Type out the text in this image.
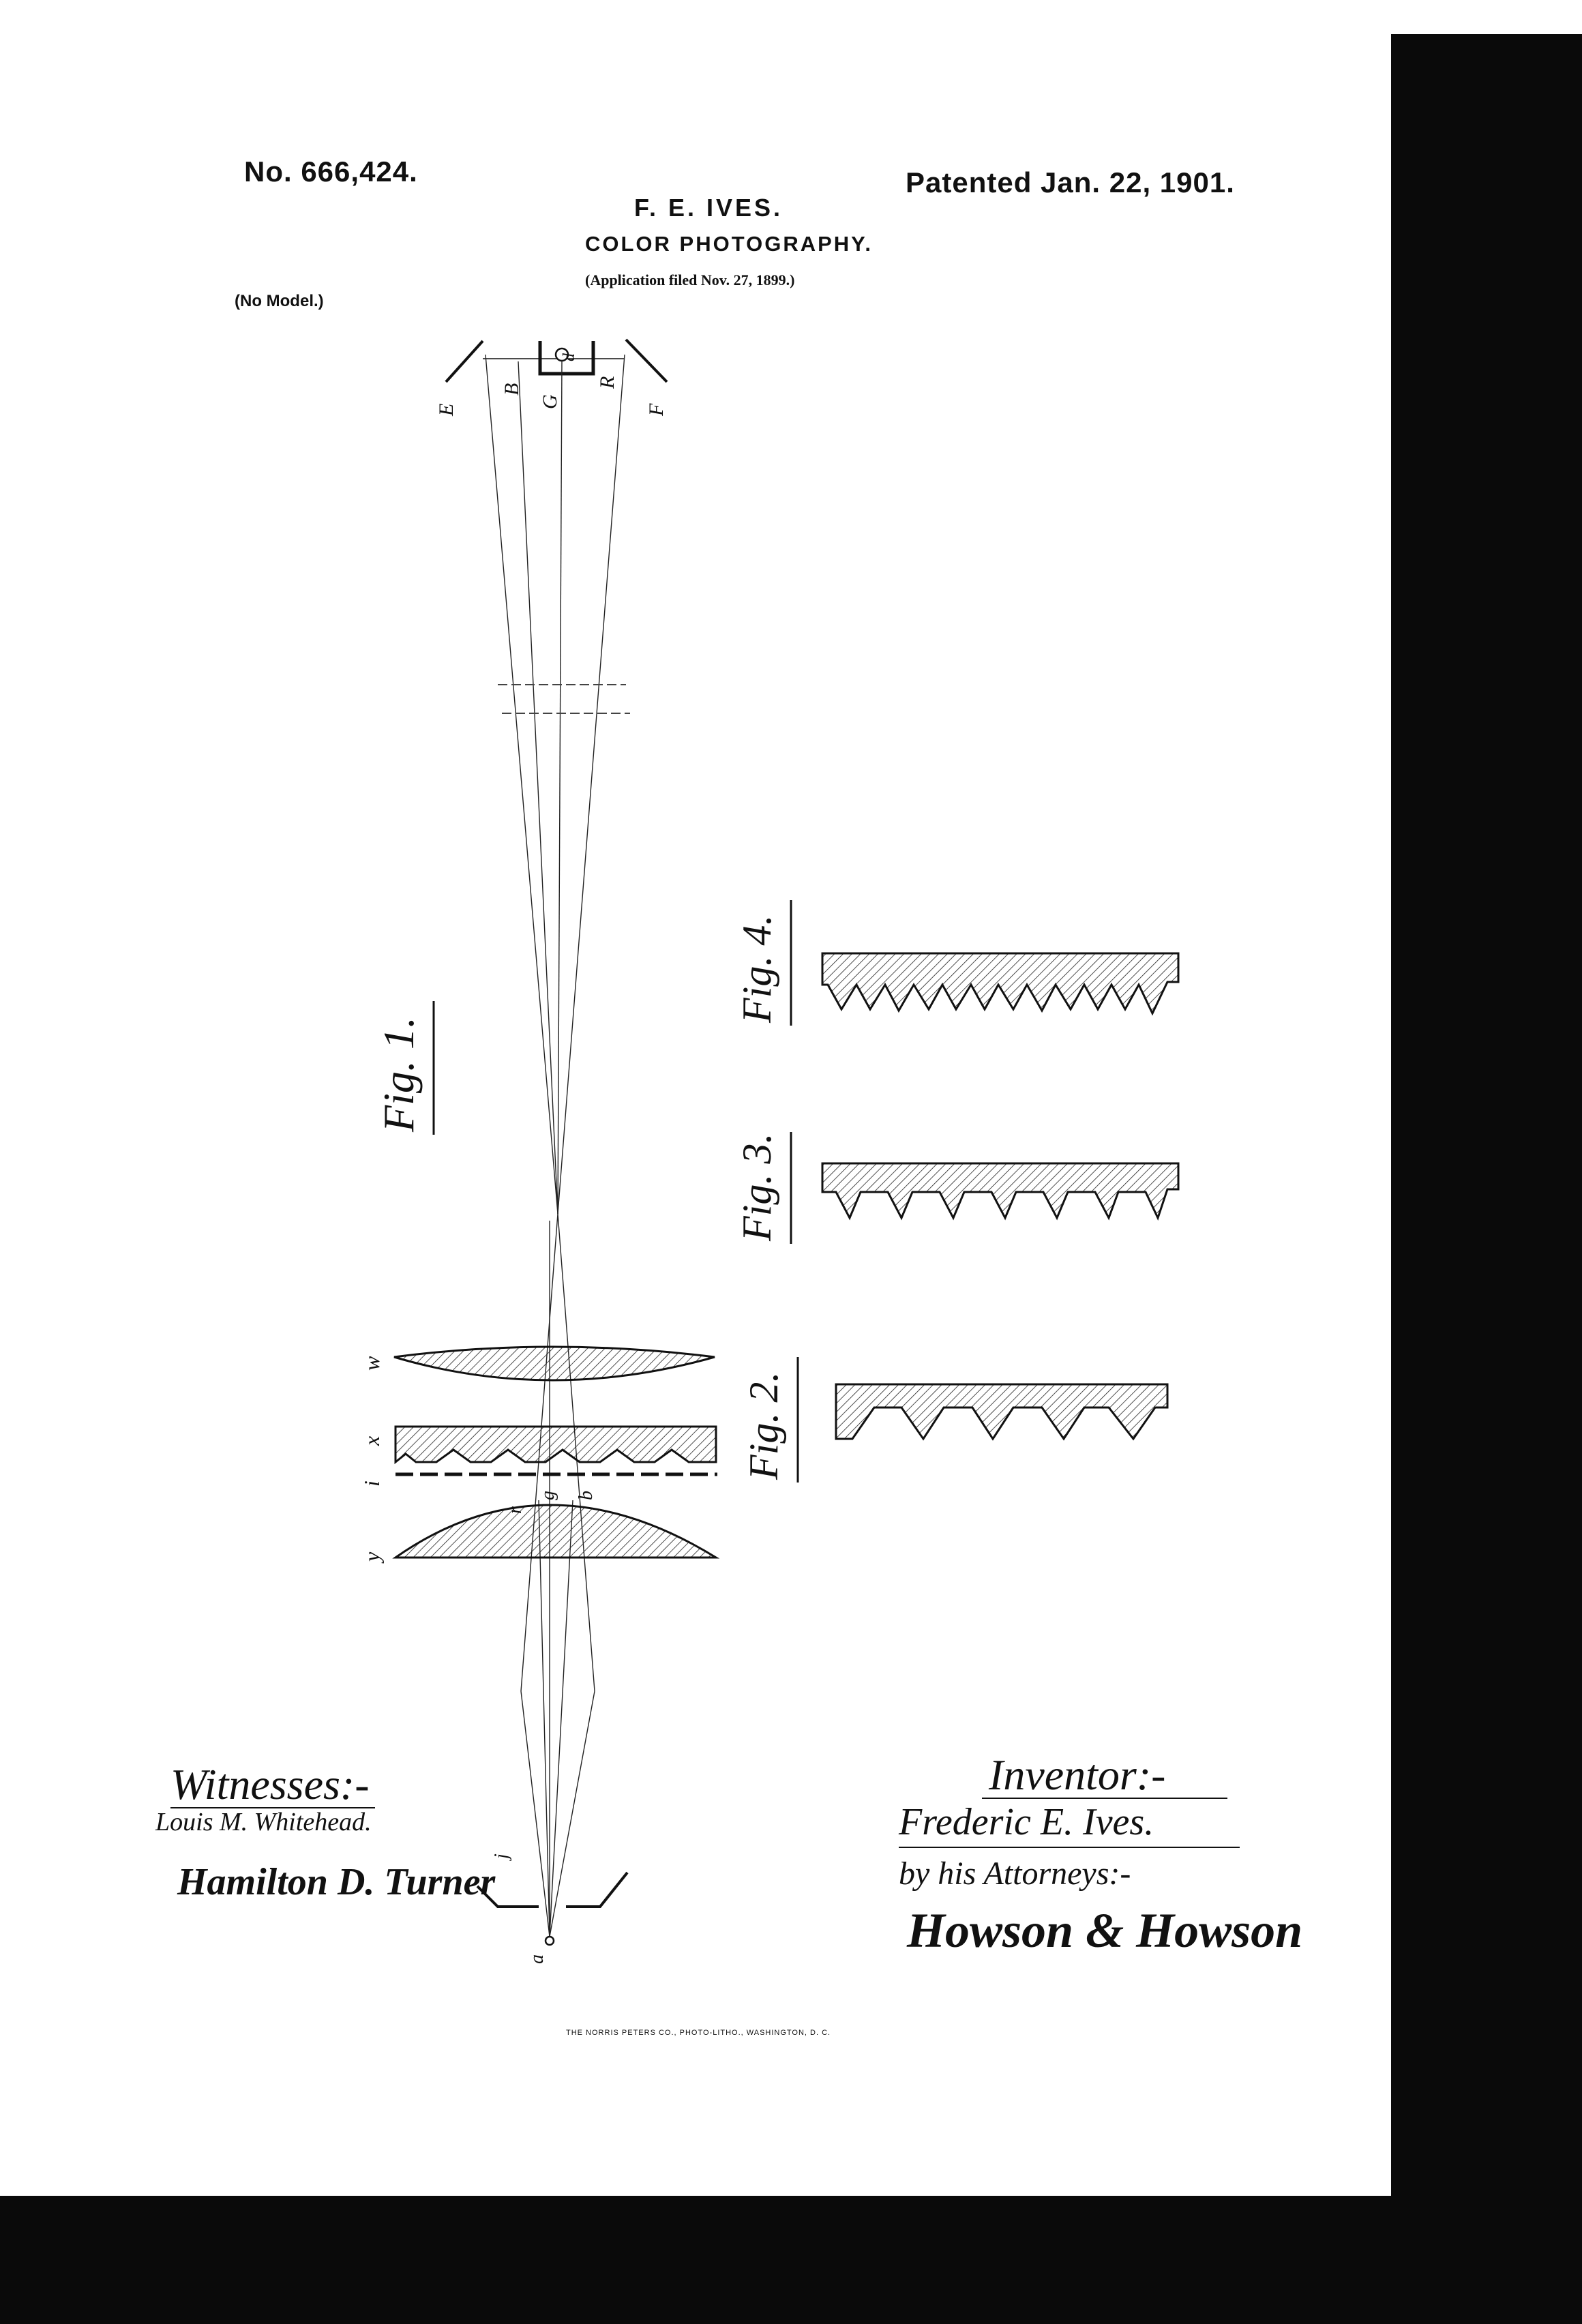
No. 666,424.	Patented Jan. 22, 1901.
F. E. IVES.
COLOR PHOTOGRAPHY.
(Application filed Nov. 27, 1899.)
(No Model.)
E
B
G
d
R
F
w
x
i
y
r
g b
j
a
Fig. 1.
Fig. 4.
Fig. 3.
Fig. 2.
Witnesses:-
Louis M. Whitehead.
Hamilton D. Turner
Inventor:-
Frederic E. Ives.
by his Attorneys:-
Howson & Howson
THE NORRIS PETERS CO., PHOTO-LITHO., WASHINGTON, D. C.
